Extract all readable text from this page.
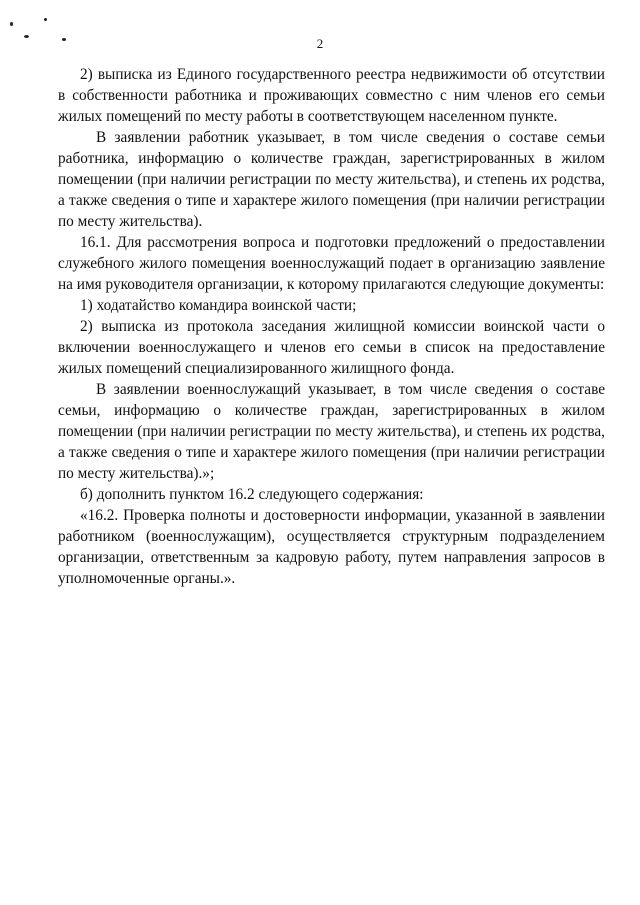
2

2) выписка из Единого государственного реестра недвижимости об отсутствии в собственности работника и проживающих совместно с ним членов его семьи жилых помещений по месту работы в соответствующем населенном пункте.

В заявлении работник указывает, в том числе сведения о составе семьи работника, информацию о количестве граждан, зарегистрированных в жилом помещении (при наличии регистрации по месту жительства), и степень их родства, а также сведения о типе и характере жилого помещения (при наличии регистрации по месту жительства).

16.1. Для рассмотрения вопроса и подготовки предложений о предоставлении служебного жилого помещения военнослужащий подает в организацию заявление на имя руководителя организации, к которому прилагаются следующие документы:

1) ходатайство командира воинской части;

2) выписка из протокола заседания жилищной комиссии воинской части о включении военнослужащего и членов его семьи в список на предоставление жилых помещений специализированного жилищного фонда.

В заявлении военнослужащий указывает, в том числе сведения о составе семьи, информацию о количестве граждан, зарегистрированных в жилом помещении (при наличии регистрации по месту жительства), и степень их родства, а также сведения о типе и характере жилого помещения (при наличии регистрации по месту жительства).»;

б) дополнить пунктом 16.2 следующего содержания:

«16.2. Проверка полноты и достоверности информации, указанной в заявлении работником (военнослужащим), осуществляется структурным подразделением организации, ответственным за кадровую работу, путем направления запросов в уполномоченные органы.».
